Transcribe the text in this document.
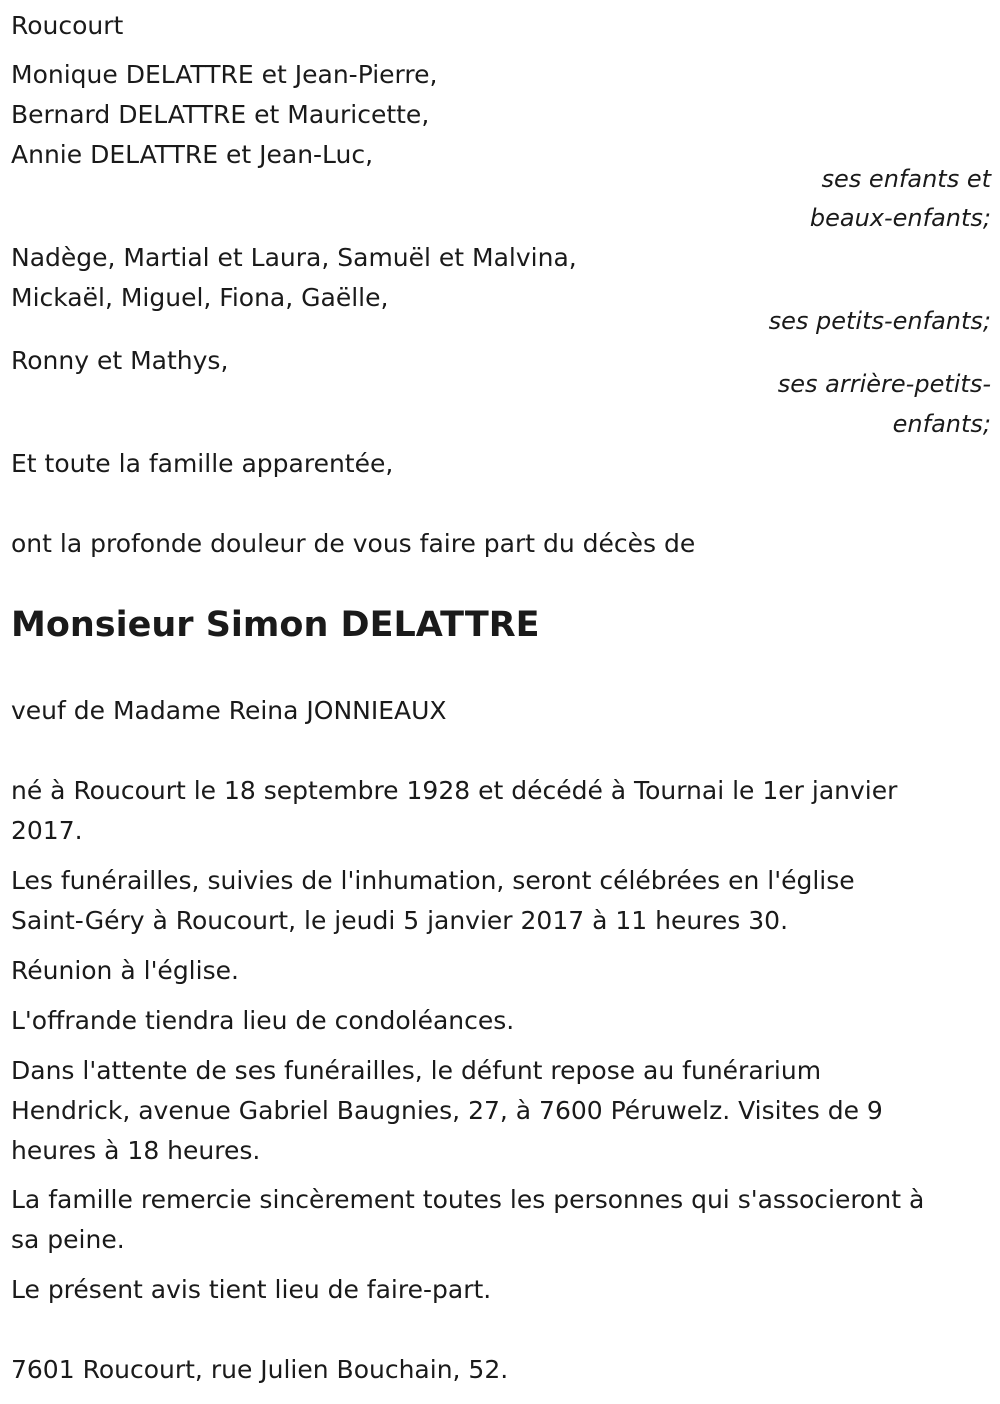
Roucourt
Monique DELATTRE et Jean-Pierre,
Bernard DELATTRE et Mauricette,
Annie DELATTRE et Jean-Luc,
ses enfants et
beaux-enfants;
Nadège, Martial et Laura, Samuël et Malvina,
Mickaël, Miguel, Fiona, Gaëlle,
ses petits-enfants;
Ronny et Mathys,
ses arrière-petits-
enfants;
Et toute la famille apparentée,
ont la profonde douleur de vous faire part du décès de
Monsieur Simon DELATTRE
veuf de Madame Reina JONNIEAUX
né à Roucourt le 18 septembre 1928 et décédé à Tournai le 1er janvier
2017.
Les funérailles, suivies de l'inhumation, seront célébrées en l'église
Saint-Géry à Roucourt, le jeudi 5 janvier 2017 à 11 heures 30.
Réunion à l'église.
L'offrande tiendra lieu de condoléances.
Dans l'attente de ses funérailles, le défunt repose au funérarium
Hendrick, avenue Gabriel Baugnies, 27, à 7600 Péruwelz. Visites de 9
heures à 18 heures.
La famille remercie sincèrement toutes les personnes qui s'associeront à
sa peine.
Le présent avis tient lieu de faire-part.
7601 Roucourt, rue Julien Bouchain, 52.
